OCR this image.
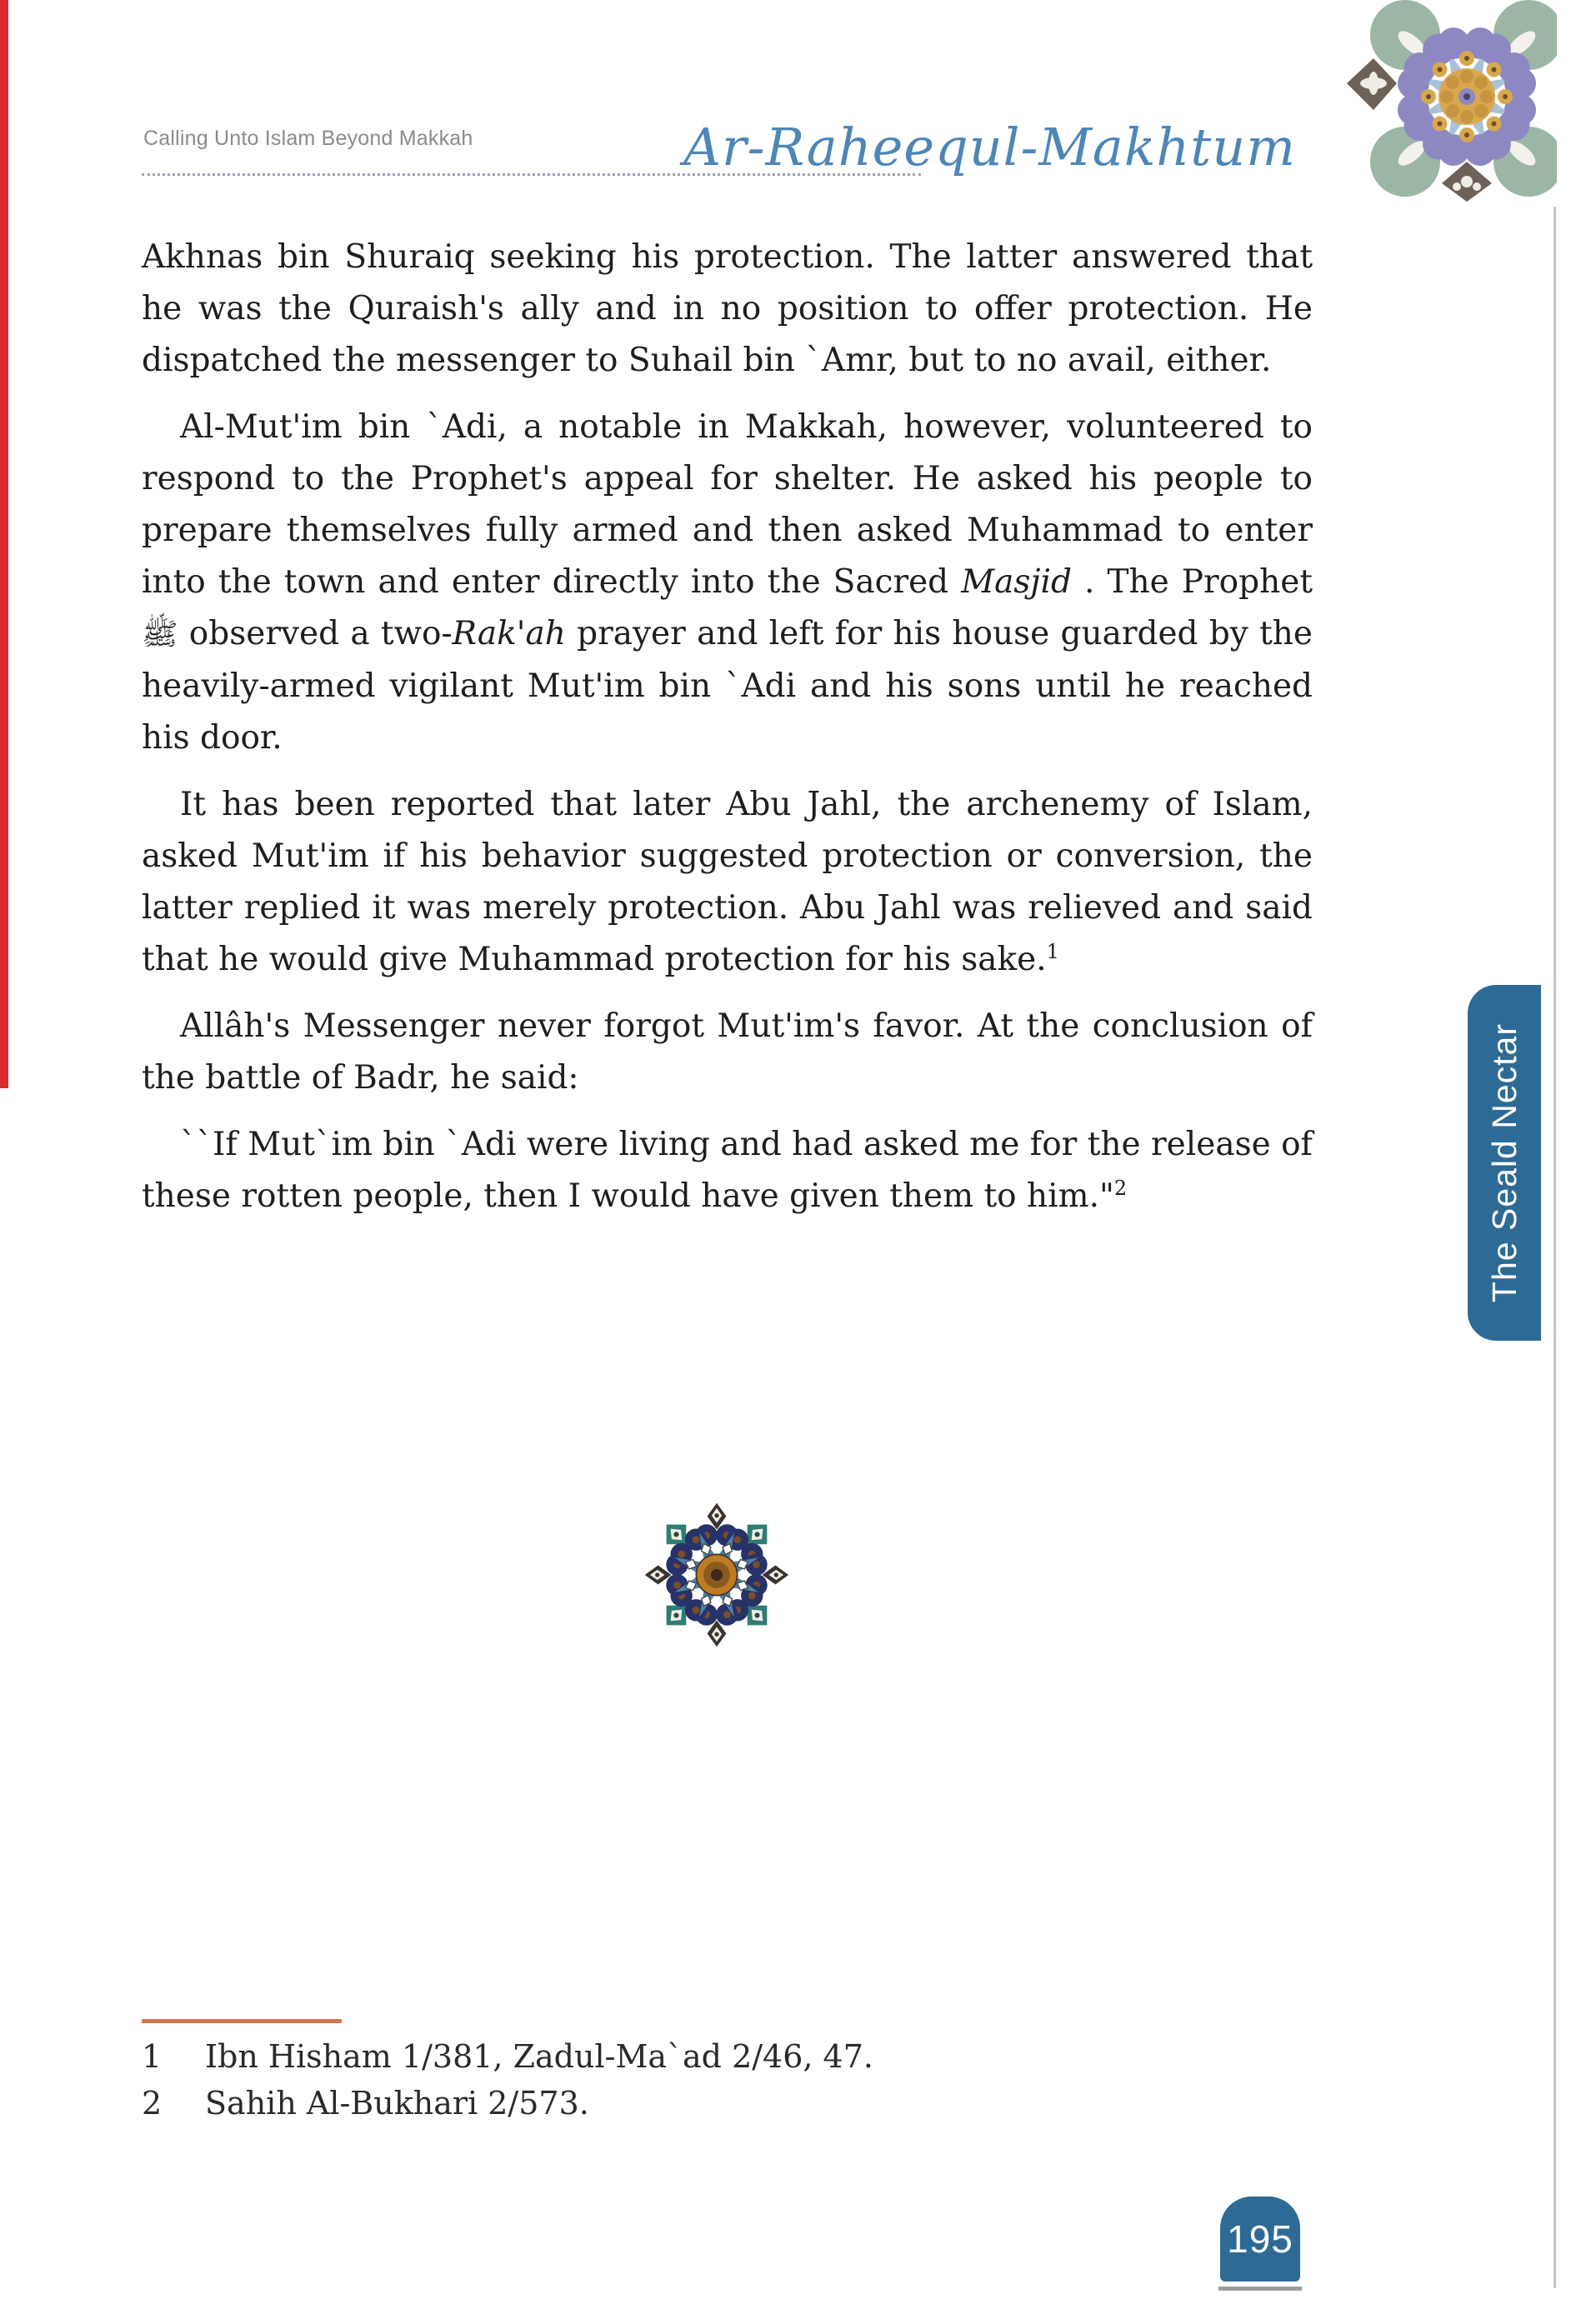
Calling Unto Islam Beyond Makkah	Ar-Raheequl-Makhtum

Akhnas bin Shuraiq seeking his protection. The latter answered that he was the Quraish's ally and in no position to offer protection. He dispatched the messenger to Suhail bin `Amr, but to no avail, either.

Al-Mut'im bin `Adi, a notable in Makkah, however, volunteered to respond to the Prophet's appeal for shelter. He asked his people to prepare themselves fully armed and then asked Muhammad to enter into the town and enter directly into the Sacred Masjid . The Prophet ﷺ observed a two-Rak'ah prayer and left for his house guarded by the heavily-armed vigilant Mut'im bin `Adi and his sons until he reached his door.

It has been reported that later Abu Jahl, the archenemy of Islam, asked Mut'im if his behavior suggested protection or conversion, the latter replied it was merely protection. Abu Jahl was relieved and said that he would give Muhammad protection for his sake.$^1$

Allâh's Messenger never forgot Mut'im's favor. At the conclusion of the battle of Badr, he said:

``If Mut`im bin `Adi were living and had asked me for the release of these rotten people, then I would have given them to him."$^2$	The Seald Nectar
1 Ibn Hisham 1/381, Zadul-Ma`ad 2/46, 47.
2 Sahih Al-Bukhari 2/573.
195
